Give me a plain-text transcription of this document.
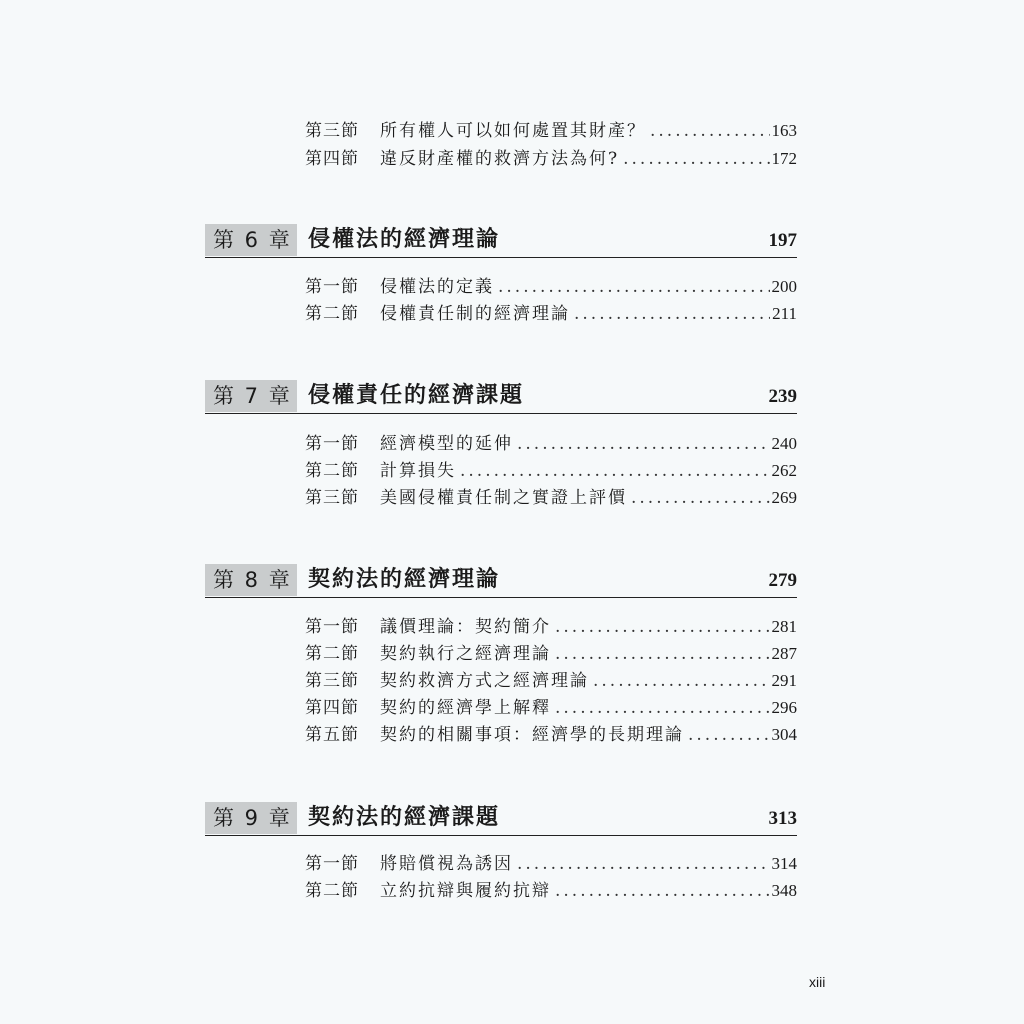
第三節	所有權人可以如何處置其財產？ .....	163
第四節	違反財產權的救濟方法為何? .....	172
第 6 章 侵權法的經濟理論	197
第一節	侵權法的定義 .....	200
第二節	侵權責任制的經濟理論 .....	211
第 7 章 侵權責任的經濟課題	239
第一節	經濟模型的延伸 .....	240
第二節	計算損失 .....	262
第三節	美國侵權責任制之實證上評價 .....	269
第 8 章 契約法的經濟理論	279
第一節	議價理論：契約簡介 .....	281
第二節	契約執行之經濟理論 .....	287
第三節	契約救濟方式之經濟理論 .....	291
第四節	契約的經濟學上解釋 .....	296
第五節	契約的相關事項：經濟學的長期理論 .....	304
第 9 章 契約法的經濟課題	313
第一節	將賠償視為誘因 .....	314
第二節	立約抗辯與履約抗辯 .....	348
xiii
